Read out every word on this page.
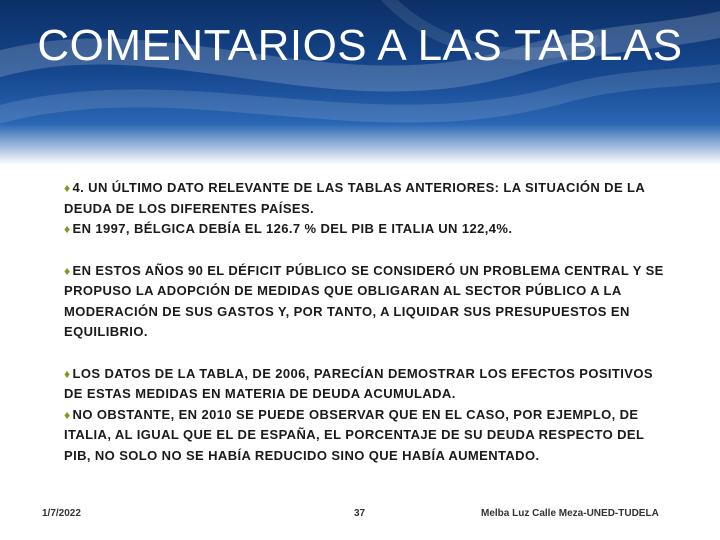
COMENTARIOS A LAS TABLAS

♦ 4. UN ÚLTIMO DATO RELEVANTE DE LAS TABLAS ANTERIORES: LA SITUACIÓN DE LA DEUDA DE LOS DIFERENTES PAÍSES.

♦ EN 1997, BÉLGICA DEBÍA EL 126.7 % DEL PIB E ITALIA UN 122,4%.

♦ EN ESTOS AÑOS 90 EL DÉFICIT PÚBLICO SE CONSIDERÓ UN PROBLEMA CENTRAL Y SE PROPUSO LA ADOPCIÓN DE MEDIDAS QUE OBLIGARAN AL SECTOR PÚBLICO A LA MODERACIÓN DE SUS GASTOS Y, POR TANTO, A LIQUIDAR SUS PRESUPUESTOS EN EQUILIBRIO.

♦ LOS DATOS DE LA TABLA, DE 2006, PARECÍAN DEMOSTRAR LOS EFECTOS POSITIVOS DE ESTAS MEDIDAS EN MATERIA DE DEUDA ACUMULADA.

♦ NO OBSTANTE, EN 2010 SE PUEDE OBSERVAR QUE EN EL CASO, POR EJEMPLO, DE ITALIA, AL IGUAL QUE EL DE ESPAÑA, EL PORCENTAJE DE SU DEUDA RESPECTO DEL PIB, NO SOLO NO SE HABÍA REDUCIDO SINO QUE HABÍA AUMENTADO.

1/7/2022	37	Melba Luz Calle Meza-UNED-TUDELA
